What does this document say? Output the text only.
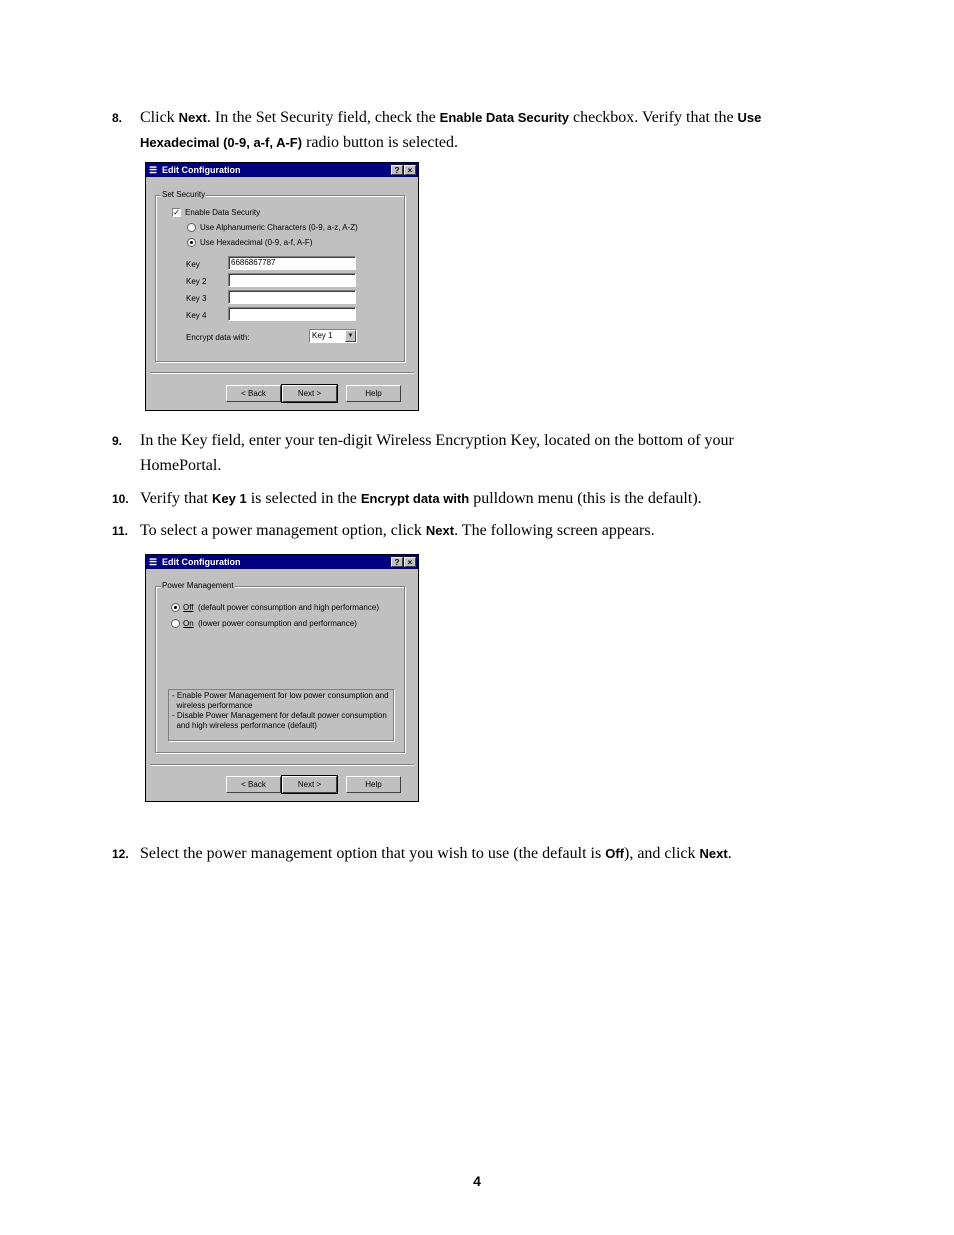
8. Click Next. In the Set Security field, check the Enable Data Security checkbox. Verify that the Use Hexadecimal (0-9, a-f, A-F) radio button is selected.
☰ Edit Configuration	?	×
Set Security
✓ Enable Data Security
Use Alphanumeric Characters (0-9, a-z, A-Z)
Use Hexadecimal (0-9, a-f, A-F)
Key	6686867787
Key 2
Key 3
Key 4
Encrypt data with:	Key 1	▼
< Back	Next >	Help
9. In the Key field, enter your ten-digit Wireless Encryption Key, located on the bottom of your HomePortal.
10. Verify that Key 1 is selected in the Encrypt data with pulldown menu (this is the default).
11. To select a power management option, click Next. The following screen appears.
☰ Edit Configuration	?	×
Power Management
Off (default power consumption and high performance)
On (lower power consumption and performance)
- Enable Power Management for low power consumption and
wireless performance
- Disable Power Management for default power consumption
and high wireless performance (default)
< Back	Next >	Help
12. Select the power management option that you wish to use (the default is Off), and click Next.
4
